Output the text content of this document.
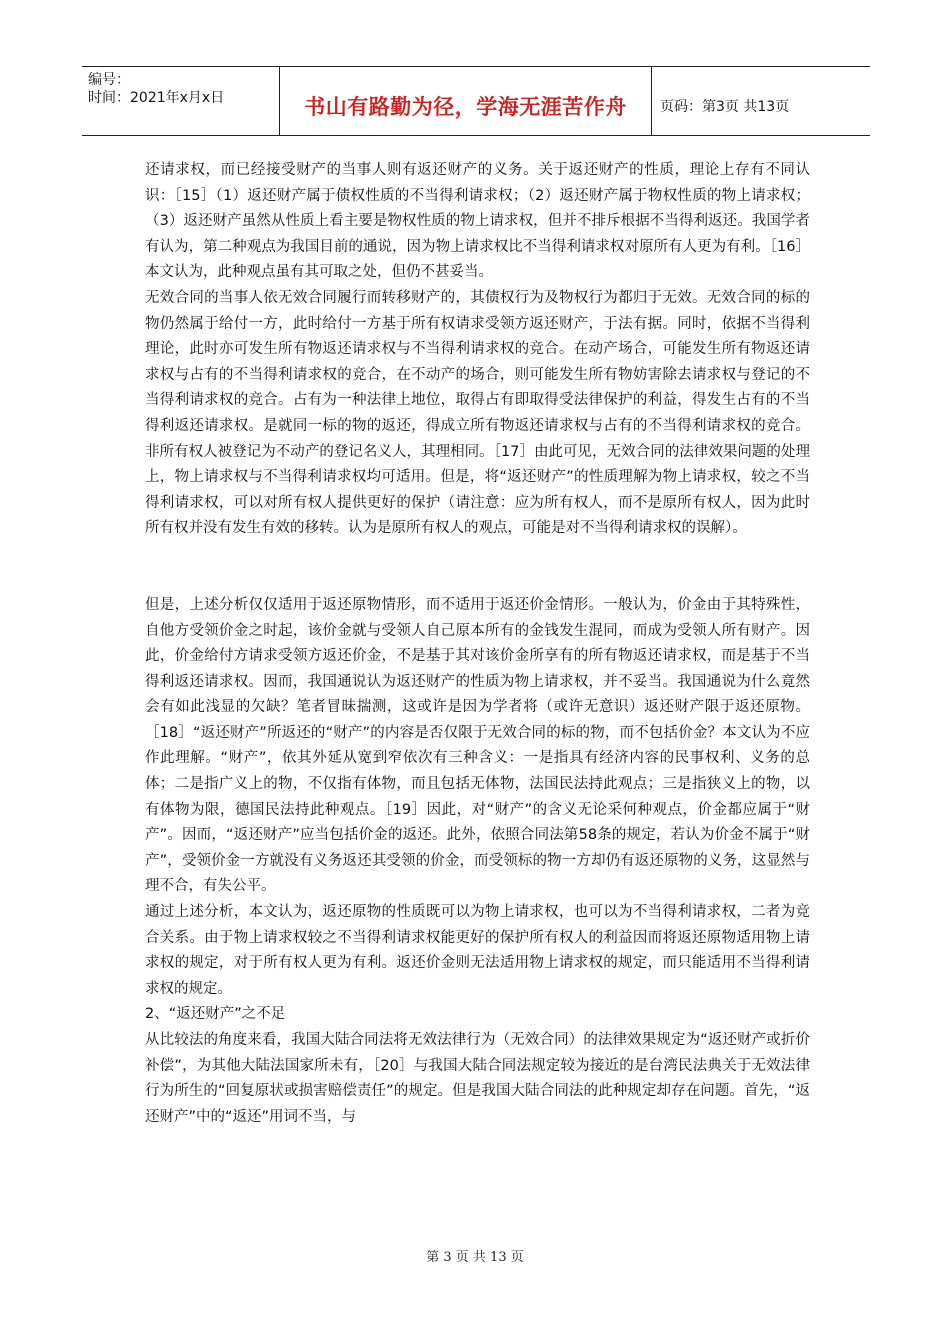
编号：
时间：2021年x月x日	书山有路勤为径，学海无涯苦作舟 页码：第3页 共13页

还请求权，而已经接受财产的当事人则有返还财产的义务。关于返还财产的性质，理论上存有不同认识：［15］（1）返还财产属于债权性质的不当得利请求权；（2）返还财产属于物权性质的物上请求权；（3）返还财产虽然从性质上看主要是物权性质的物上请求权，但并不排斥根据不当得利返还。我国学者有认为，第二种观点为我国目前的通说，因为物上请求权比不当得利请求权对原所有人更为有利。［16］本文认为，此种观点虽有其可取之处，但仍不甚妥当。

无效合同的当事人依无效合同履行而转移财产的，其债权行为及物权行为都归于无效。无效合同的标的物仍然属于给付一方，此时给付一方基于所有权请求受领方返还财产，于法有据。同时，依据不当得利理论，此时亦可发生所有物返还请求权与不当得利请求权的竞合。在动产场合，可能发生所有物返还请求权与占有的不当得利请求权的竞合，在不动产的场合，则可能发生所有物妨害除去请求权与登记的不当得利请求权的竞合。占有为一种法律上地位，取得占有即取得受法律保护的利益，得发生占有的不当得利返还请求权。是就同一标的物的返还，得成立所有物返还请求权与占有的不当得利请求权的竞合。非所有权人被登记为不动产的登记名义人，其理相同。［17］由此可见，无效合同的法律效果问题的处理上，物上请求权与不当得利请求权均可适用。但是，将“返还财产”的性质理解为物上请求权，较之不当得利请求权，可以对所有权人提供更好的保护（请注意：应为所有权人，而不是原所有权人，因为此时所有权并没有发生有效的移转。认为是原所有权人的观点，可能是对不当得利请求权的误解）。

但是，上述分析仅仅适用于返还原物情形，而不适用于返还价金情形。一般认为，价金由于其特殊性，自他方受领价金之时起，该价金就与受领人自己原本所有的金钱发生混同，而成为受领人所有财产。因此，价金给付方请求受领方返还价金，不是基于其对该价金所享有的所有物返还请求权，而是基于不当得利返还请求权。因而，我国通说认为返还财产的性质为物上请求权，并不妥当。我国通说为什么竟然会有如此浅显的欠缺？笔者冒昧揣测，这或许是因为学者将（或许无意识）返还财产限于返还原物。［18］“返还财产”所返还的“财产”的内容是否仅限于无效合同的标的物，而不包括价金？本文认为不应作此理解。“财产”，依其外延从宽到窄依次有三种含义：一是指具有经济内容的民事权利、义务的总体；二是指广义上的物，不仅指有体物，而且包括无体物，法国民法持此观点；三是指狭义上的物，以有体物为限，德国民法持此种观点。［19］因此，对“财产”的含义无论采何种观点，价金都应属于“财产”。因而，“返还财产”应当包括价金的返还。此外，依照合同法第58条的规定，若认为价金不属于“财产”，受领价金一方就没有义务返还其受领的价金，而受领标的物一方却仍有返还原物的义务，这显然与理不合，有失公平。

通过上述分析，本文认为，返还原物的性质既可以为物上请求权，也可以为不当得利请求权，二者为竞合关系。由于物上请求权较之不当得利请求权能更好的保护所有权人的利益因而将返还原物适用物上请求权的规定，对于所有权人更为有利。返还价金则无法适用物上请求权的规定，而只能适用不当得利请求权的规定。

2、“返还财产”之不足

从比较法的角度来看，我国大陆合同法将无效法律行为（无效合同）的法律效果规定为“返还财产或折价补偿”，为其他大陆法国家所未有，［20］与我国大陆合同法规定较为接近的是台湾民法典关于无效法律行为所生的“回复原状或损害赔偿责任”的规定。但是我国大陆合同法的此种规定却存在问题。首先，“返还财产”中的“返还”用词不当，与

第 3 页 共 13 页
